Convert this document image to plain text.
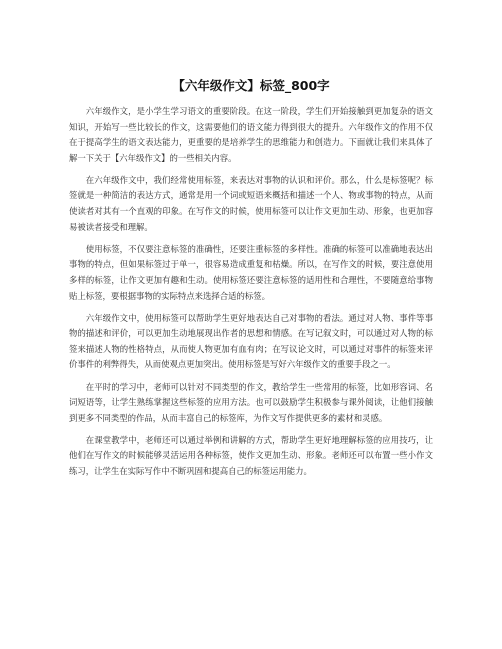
【六年级作文】标签_800字

六年级作文，是小学生学习语文的重要阶段。在这一阶段，学生们开始接触到更加复杂的语文知识，开始写一些比较长的作文，这需要他们的语文能力得到很大的提升。六年级作文的作用不仅在于提高学生的语文表达能力，更重要的是培养学生的思维能力和创造力。下面就让我们来具体了解一下关于【六年级作文】的一些相关内容。

在六年级作文中，我们经常使用标签，来表达对事物的认识和评价。那么，什么是标签呢？标签就是一种简洁的表达方式，通常是用一个词或短语来概括和描述一个人、物或事物的特点，从而使读者对其有一个直观的印象。在写作文的时候，使用标签可以让作文更加生动、形象，也更加容易被读者接受和理解。

使用标签，不仅要注意标签的准确性，还要注重标签的多样性。准确的标签可以准确地表达出事物的特点，但如果标签过于单一，很容易造成重复和枯燥。所以，在写作文的时候，要注意使用多样的标签，让作文更加有趣和生动。使用标签还要注意标签的适用性和合理性，不要随意给事物贴上标签，要根据事物的实际特点来选择合适的标签。

六年级作文中，使用标签可以帮助学生更好地表达自己对事物的看法。通过对人物、事件等事物的描述和评价，可以更加生动地展现出作者的思想和情感。在写记叙文时，可以通过对人物的标签来描述人物的性格特点，从而使人物更加有血有肉；在写议论文时，可以通过对事件的标签来评价事件的利弊得失，从而使观点更加突出。使用标签是写好六年级作文的重要手段之一。

在平时的学习中，老师可以针对不同类型的作文，教给学生一些常用的标签，比如形容词、名词短语等，让学生熟练掌握这些标签的应用方法。也可以鼓励学生积极参与课外阅读，让他们接触到更多不同类型的作品，从而丰富自己的标签库，为作文写作提供更多的素材和灵感。

在课堂教学中，老师还可以通过举例和讲解的方式，帮助学生更好地理解标签的应用技巧，让他们在写作文的时候能够灵活运用各种标签，使作文更加生动、形象。老师还可以布置一些小作文练习，让学生在实际写作中不断巩固和提高自己的标签运用能力。
